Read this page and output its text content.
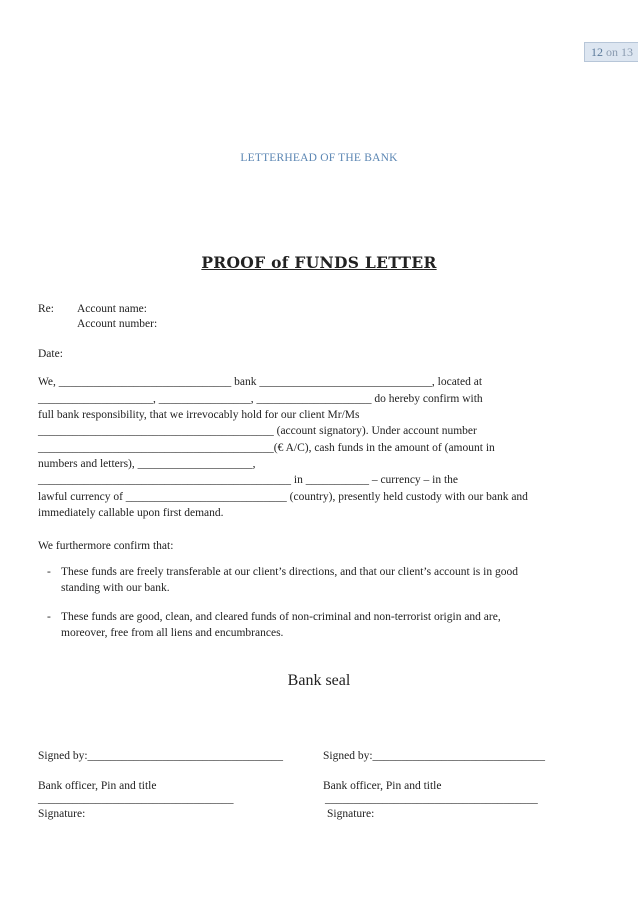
12 on 13
LETTERHEAD OF THE BANK
PROOF of FUNDS LETTER
Re: Account name:
Account number:
Date:
We, ______________________________ bank ______________________________, located at
____________________, ________________, ____________________ do hereby confirm with
full bank responsibility, that we irrevocably hold for our client Mr/Ms
_________________________________________ (account signatory). Under account number
_________________________________________(€ A/C), cash funds in the amount of (amount in
numbers and letters), ____________________,
____________________________________________ in ___________ – currency – in the
lawful currency of ____________________________ (country), presently held custody with our bank and
immediately callable upon first demand.
We furthermore confirm that:
- These funds are freely transferable at our client’s directions, and that our client’s account is in good
standing with our bank.
- These funds are good, clean, and cleared funds of non-criminal and non-terrorist origin and are,
moreover, free from all liens and encumbrances.
Bank seal
Signed by:__________________________________	Signed by:______________________________
Bank officer, Pin and title	Bank officer, Pin and title
__________________________________	_____________________________________
Signature:	Signature:
